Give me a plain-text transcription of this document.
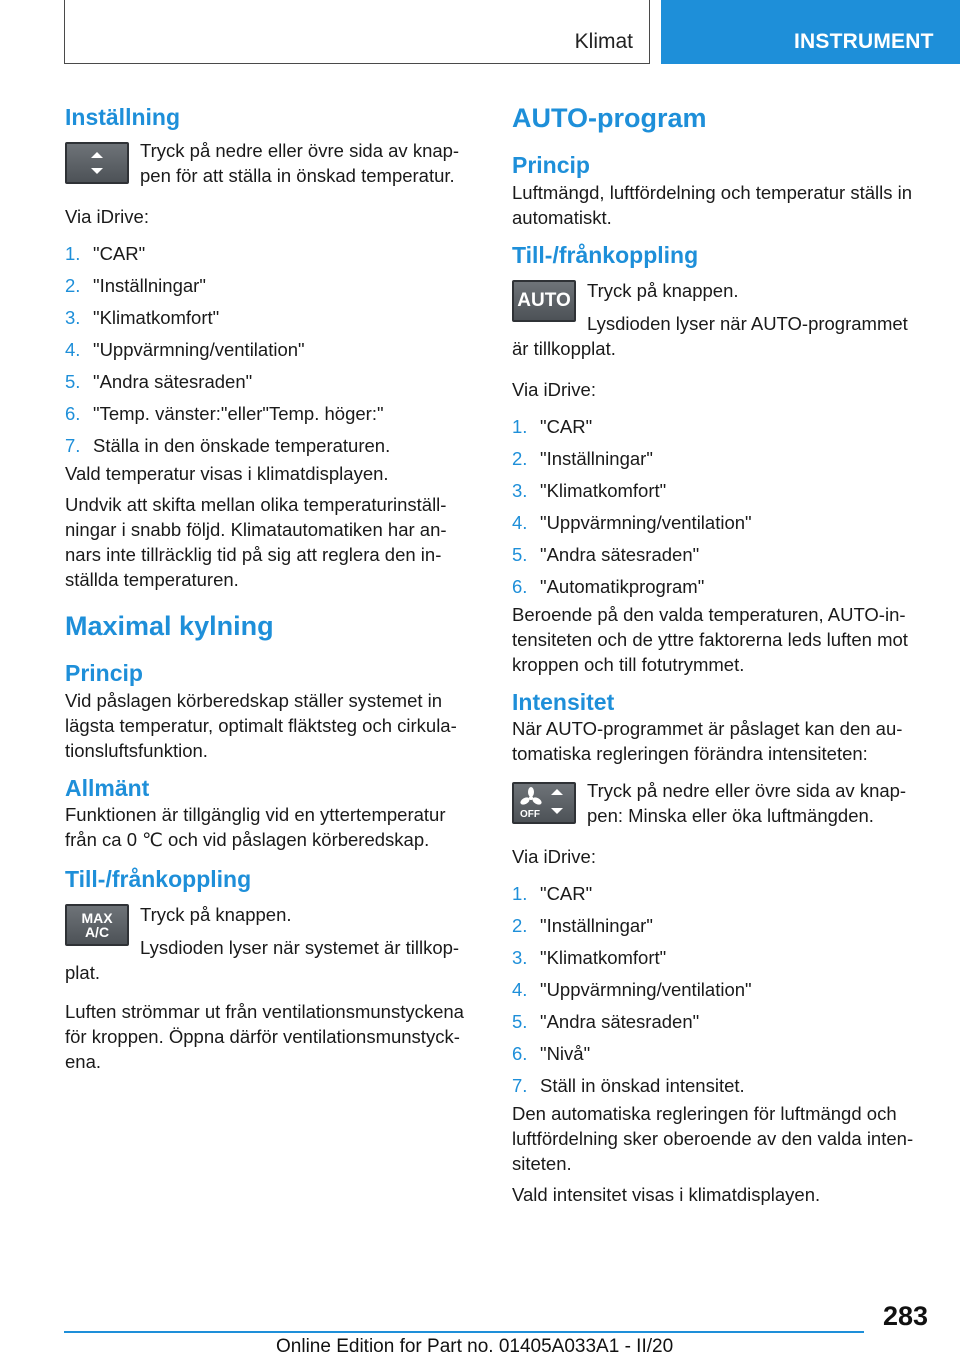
Klimat	INSTRUMENT
Inställning

Tryck på nedre eller övre sida av knap-pen för att ställa in önskad temperatur.

Via iDrive:

1. "CAR"
2. "Inställningar"
3. "Klimatkomfort"
4. "Uppvärmning/ventilation"
5. "Andra sätesraden"
6. "Temp. vänster:"eller"Temp. höger:"
7. Ställa in den önskade temperaturen.

Vald temperatur visas i klimatdisplayen.

Undvik att skifta mellan olika temperaturinställ-ningar i snabb följd. Klimatautomatiken har an-nars inte tillräcklig tid på sig att reglera den in-ställda temperaturen.

Maximal kylning
Princip

Vid påslagen körberedskap ställer systemet in lägsta temperatur, optimalt fläktsteg och cirkula-tionsluftsfunktion.

Allmänt

Funktionen är tillgänglig vid en yttertemperatur från ca 0 ℃ och vid påslagen körberedskap.

Till-/frånkoppling
MAX
A/C

Tryck på knappen.

Lysdioden lyser när systemet är tillkop-plat.

Luften strömmar ut från ventilationsmunstyckena för kroppen. Öppna därför ventilationsmunstyck-ena.

AUTO-program
Princip

Luftmängd, luftfördelning och temperatur ställs in automatiskt.

Till-/frånkoppling
AUTO Tryck på knappen.

Lysdioden lyser när AUTO-programmet är tillkopplat.

Via iDrive:

1. "CAR"
2. "Inställningar"
3. "Klimatkomfort"
4. "Uppvärmning/ventilation"
5. "Andra sätesraden"
6. "Automatikprogram"

Beroende på den valda temperaturen, AUTO-in-tensiteten och de yttre faktorerna leds luften mot kroppen och till fotutrymmet.

Intensitet

När AUTO-programmet är påslaget kan den au-tomatiska regleringen förändra intensiteten:

OFF

Tryck på nedre eller övre sida av knap-pen: Minska eller öka luftmängden.

Via iDrive:

1. "CAR"
2. "Inställningar"
3. "Klimatkomfort"
4. "Uppvärmning/ventilation"
5. "Andra sätesraden"
6. "Nivå"
7. Ställ in önskad intensitet.

Den automatiska regleringen för luftmängd och luftfördelning sker oberoende av den valda inten-siteten.

Vald intensitet visas i klimatdisplayen.

283
Online Edition for Part no. 01405A033A1 - II/20
